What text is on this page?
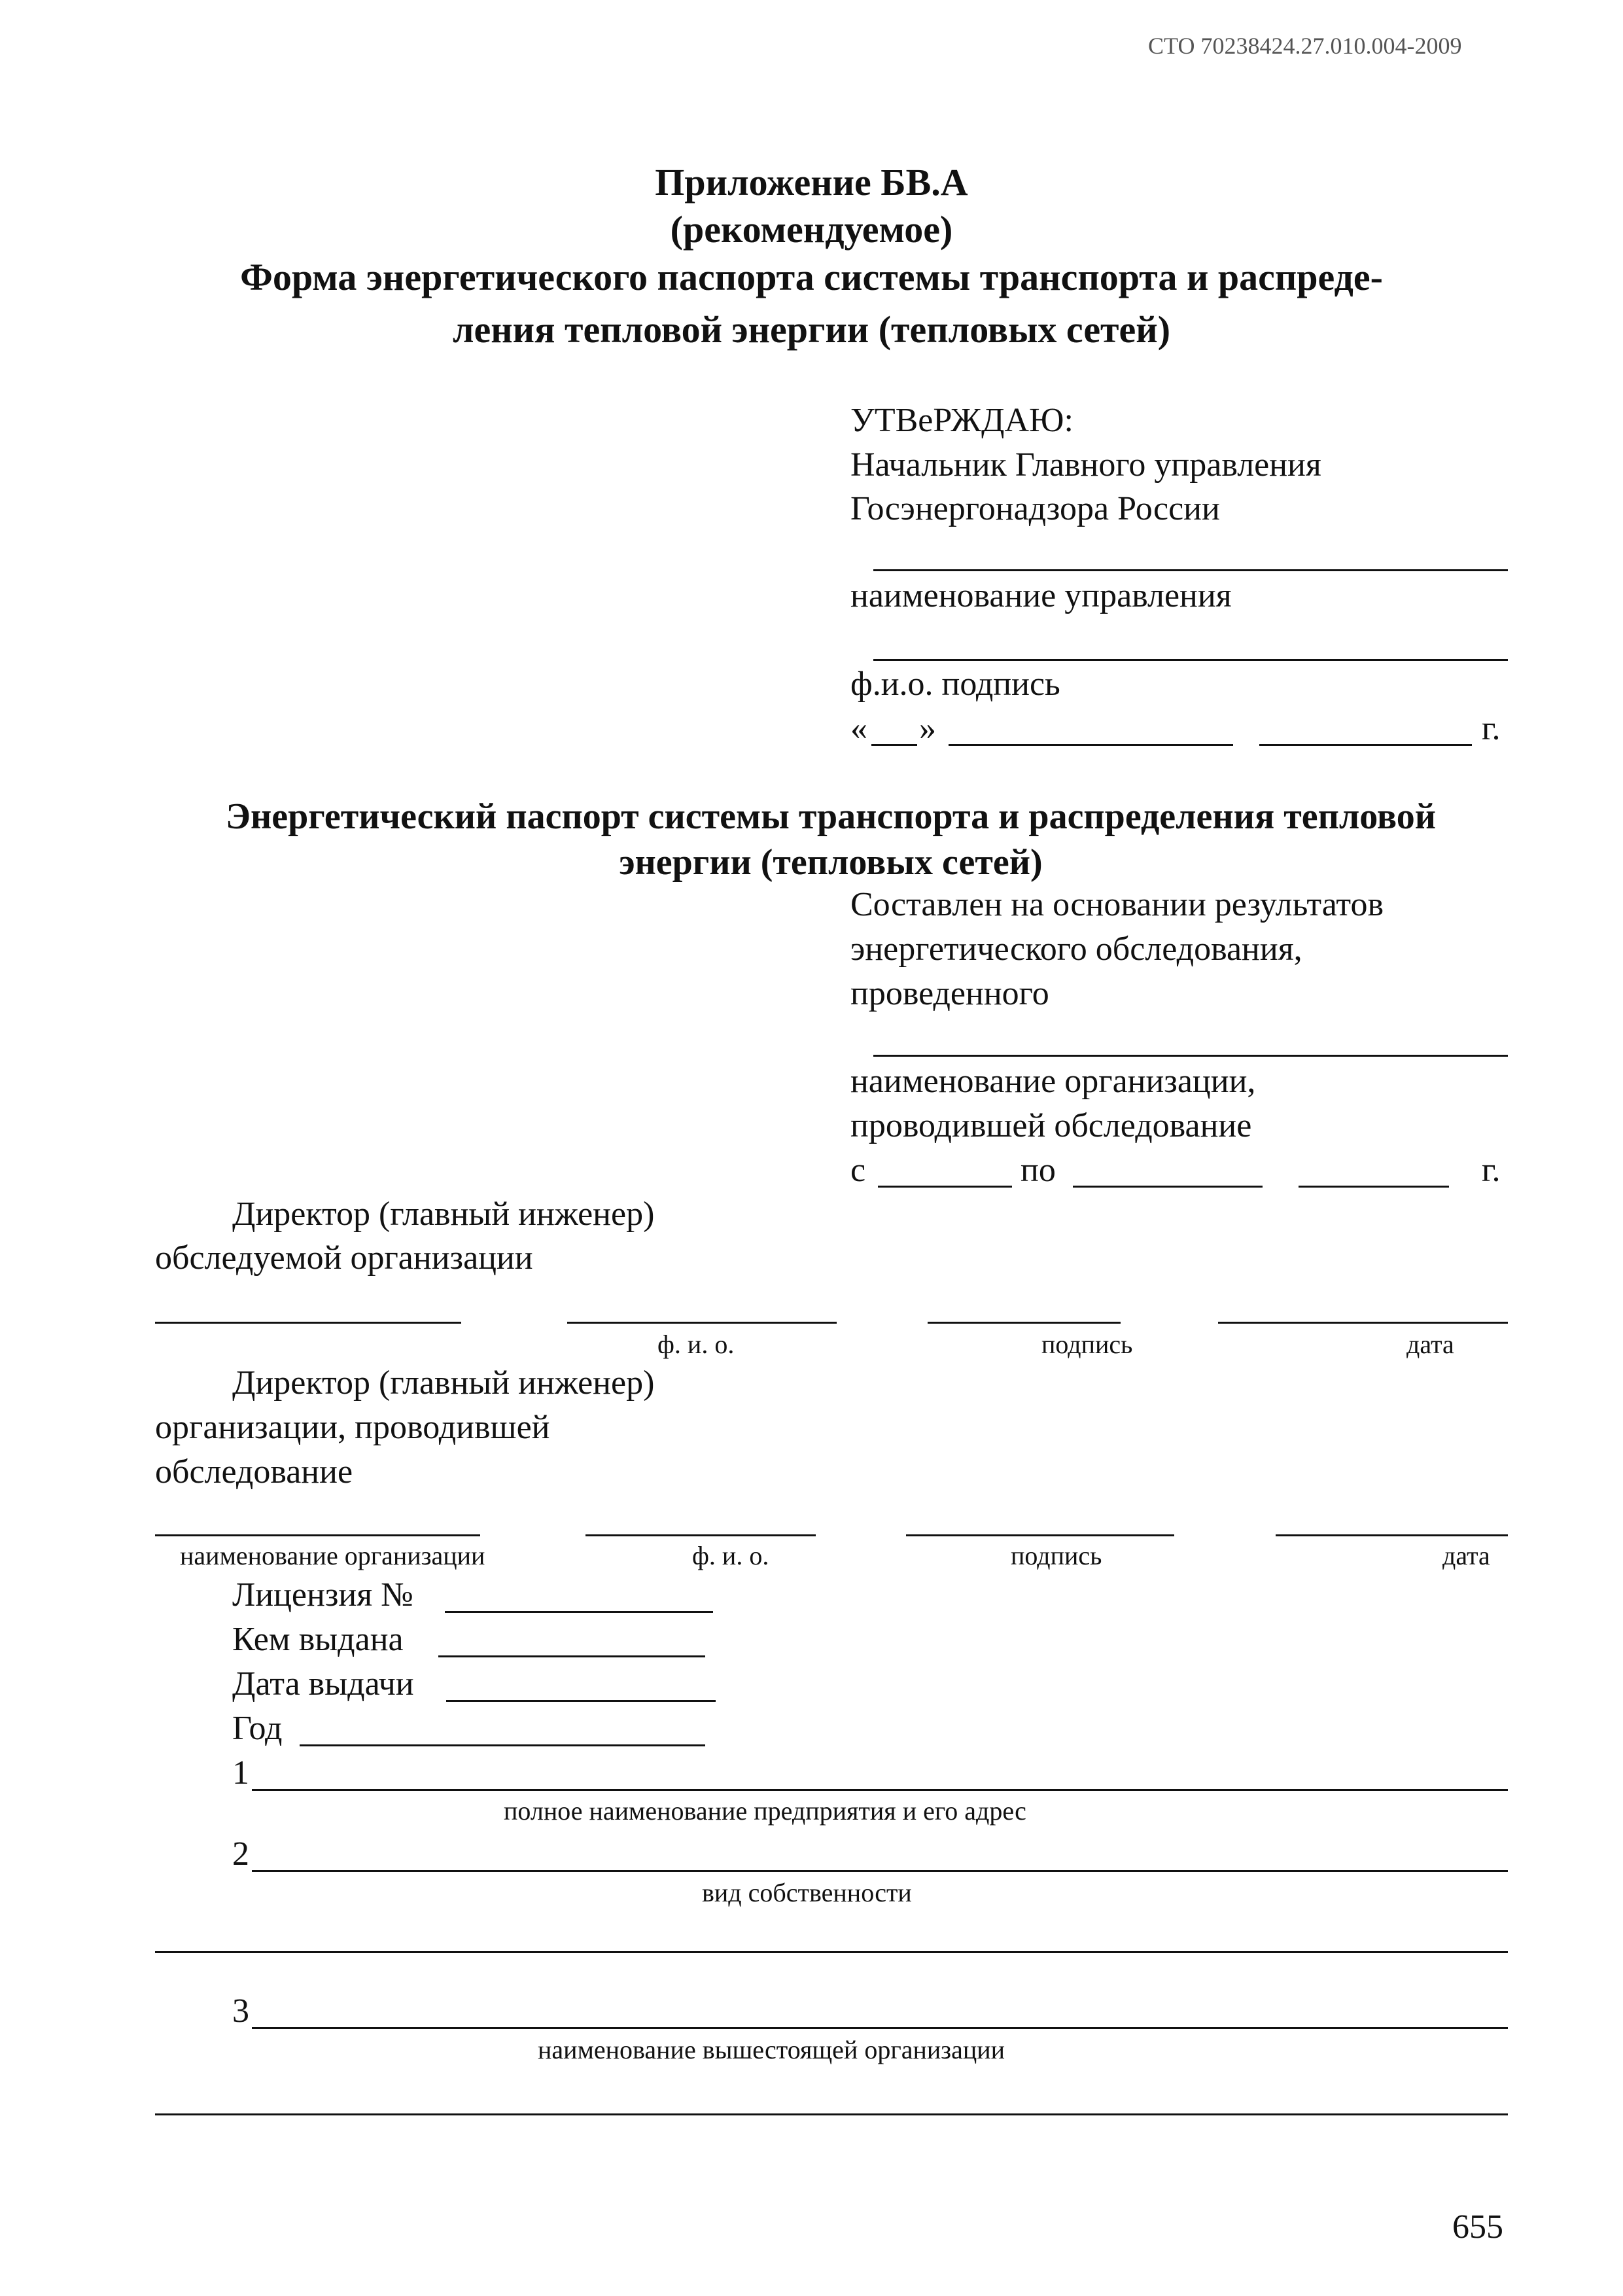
СТО 70238424.27.010.004-2009
Приложение БВ.А
(рекомендуемое)
Форма энергетического паспорта системы транспорта и распреде-
ления тепловой энергии (тепловых сетей)
УТВеРЖДАЮ:
Начальник Главного управления
Госэнергонадзора России
наименование управления
ф.и.о. подпись
« »	г.
Энергетический паспорт системы транспорта и распределения тепловой
энергии (тепловых сетей)
Составлен на основании результатов
энергетического обследования,
проведенного
наименование организации,
проводившей обследование
с	по	г.
Директор (главный инженер)
обследуемой организации
ф. и. о.	подпись	дата
Директор (главный инженер)
организации, проводившей
обследование
наименование организации	ф. и. о.	подпись	дата
Лицензия №
Кем выдана
Дата выдачи
Год
1
полное наименование предприятия и его адрес
2
вид собственности
3
наименование вышестоящей организации
655
